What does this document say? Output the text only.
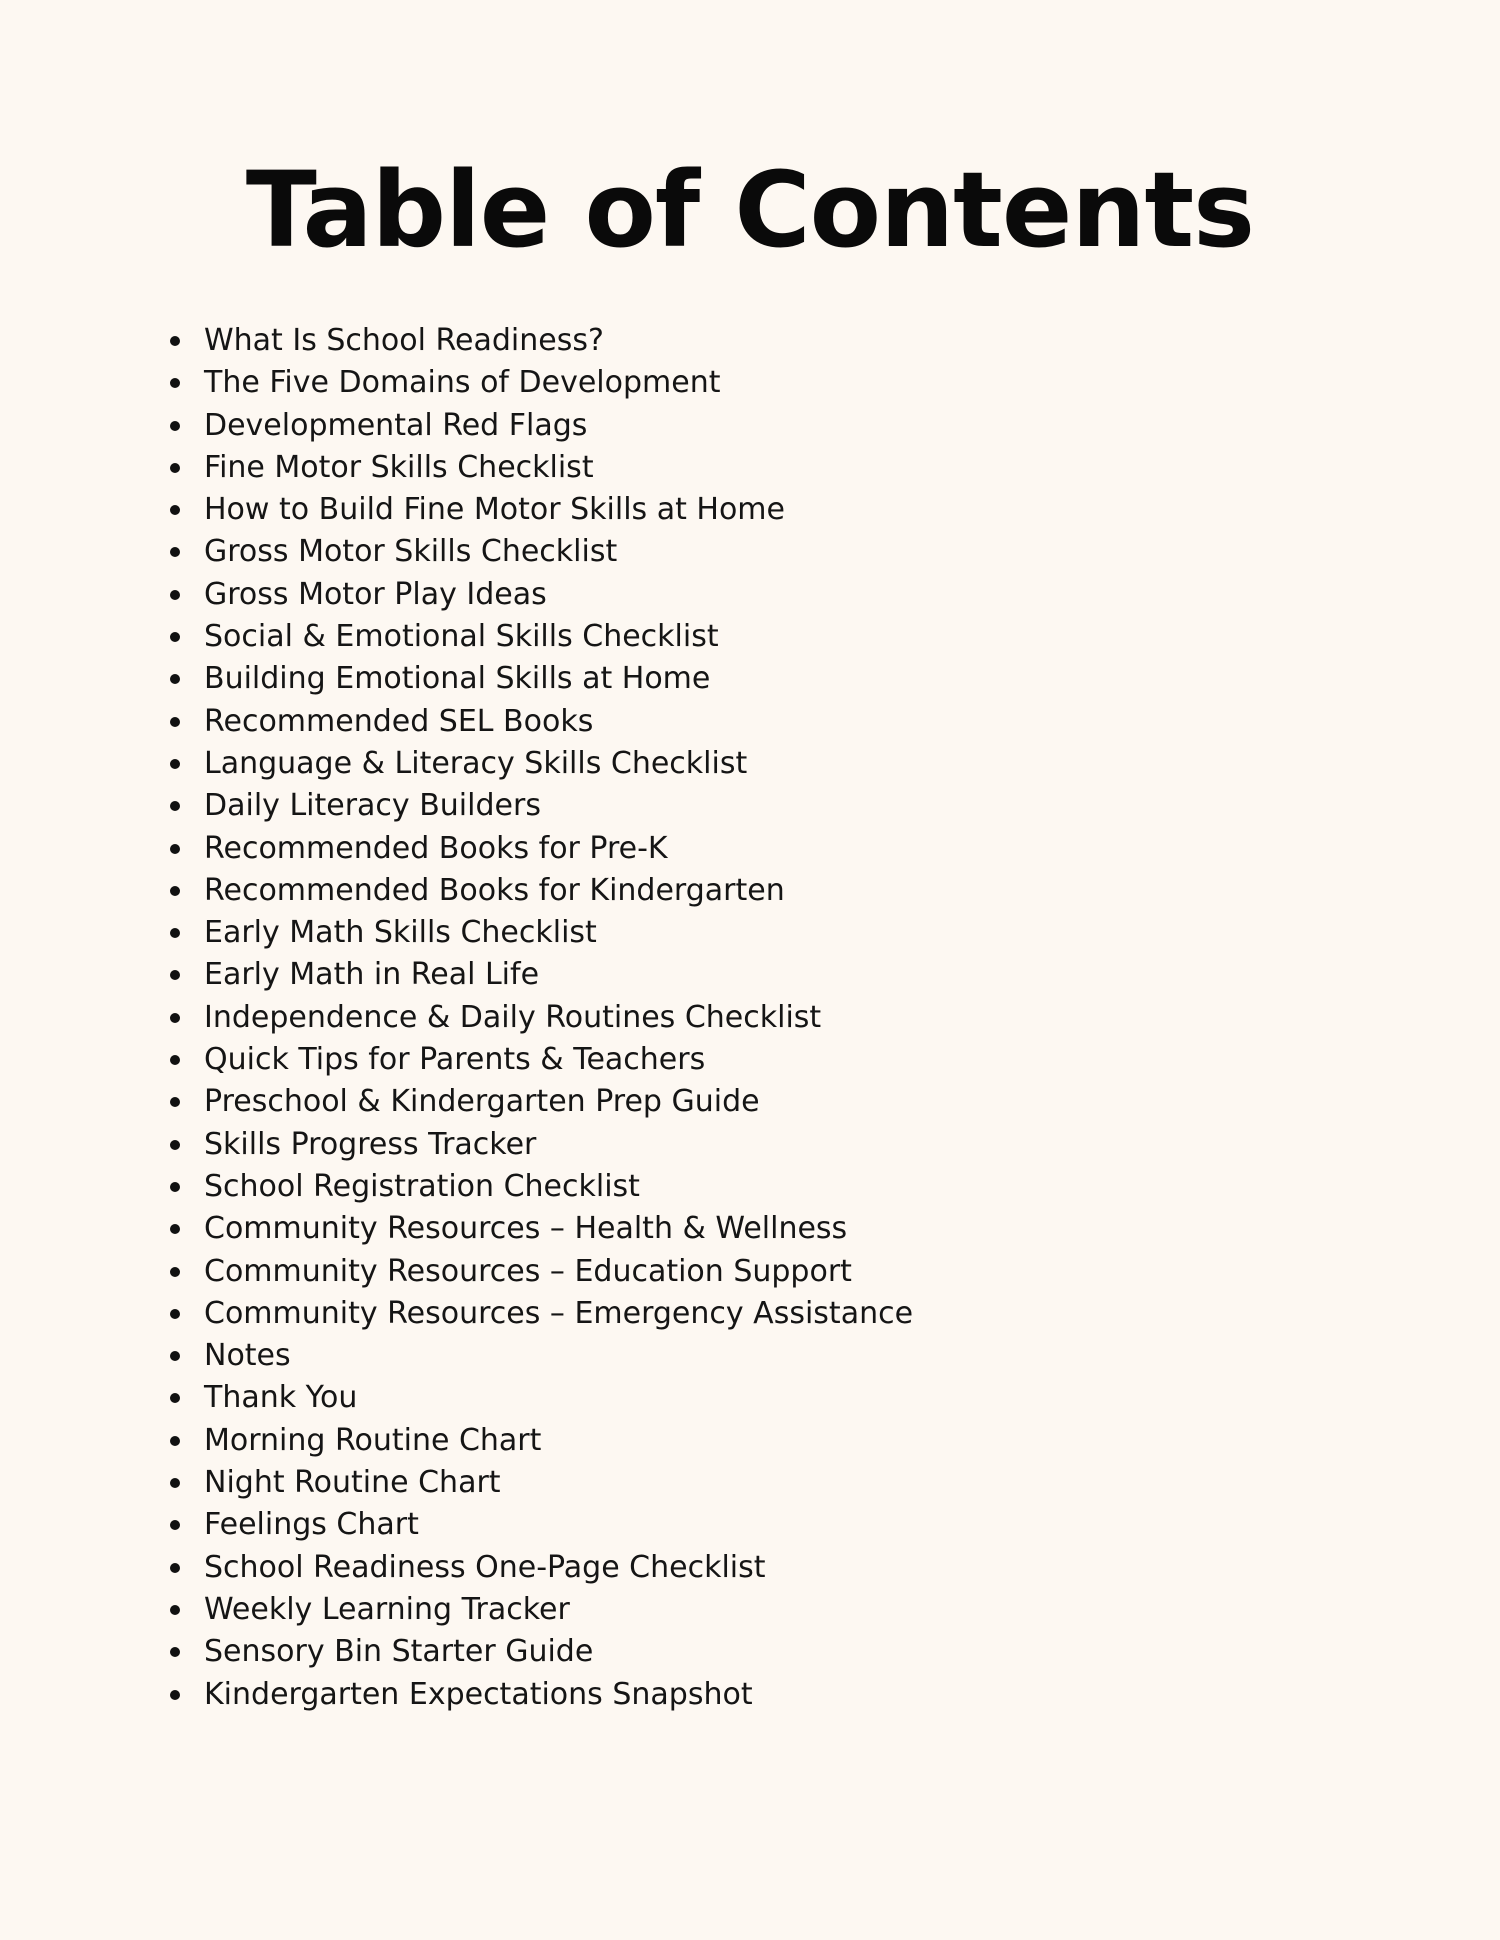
Table of Contents
What Is School Readiness?
The Five Domains of Development
Developmental Red Flags
Fine Motor Skills Checklist
How to Build Fine Motor Skills at Home
Gross Motor Skills Checklist
Gross Motor Play Ideas
Social & Emotional Skills Checklist
Building Emotional Skills at Home
Recommended SEL Books
Language & Literacy Skills Checklist
Daily Literacy Builders
Recommended Books for Pre-K
Recommended Books for Kindergarten
Early Math Skills Checklist
Early Math in Real Life
Independence & Daily Routines Checklist
Quick Tips for Parents & Teachers
Preschool & Kindergarten Prep Guide
Skills Progress Tracker
School Registration Checklist
Community Resources – Health & Wellness
Community Resources – Education Support
Community Resources – Emergency Assistance
Notes
Thank You
Morning Routine Chart
Night Routine Chart
Feelings Chart
School Readiness One-Page Checklist
Weekly Learning Tracker
Sensory Bin Starter Guide
Kindergarten Expectations Snapshot
